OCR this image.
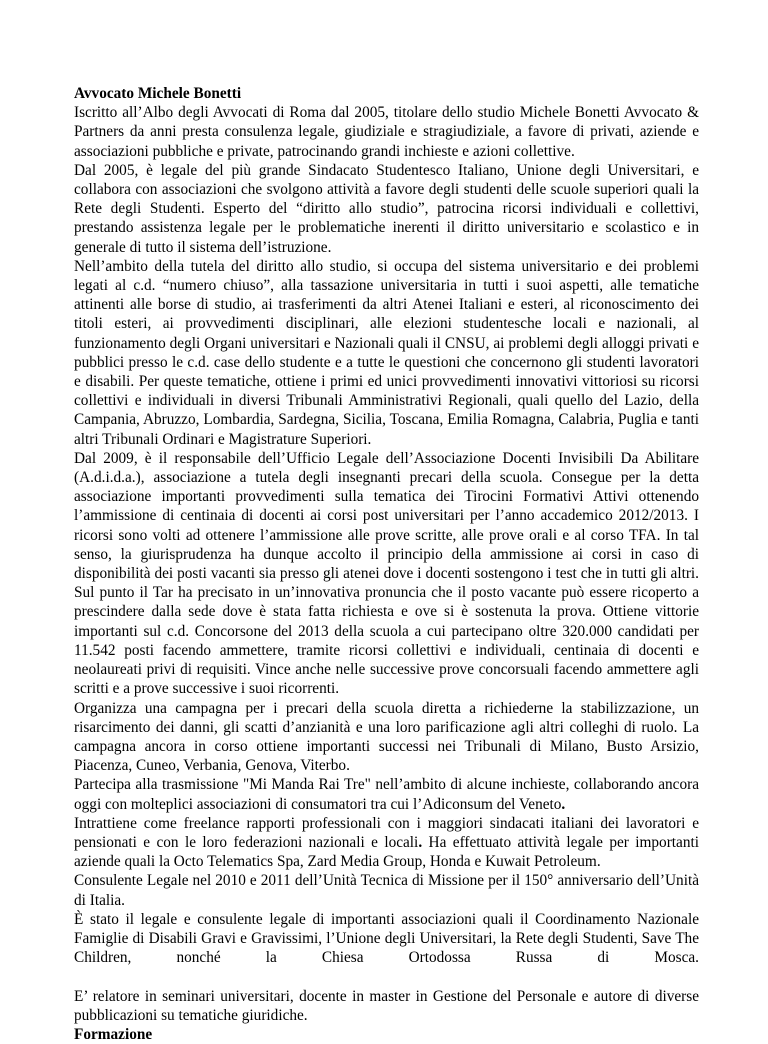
Avvocato Michele Bonetti

Iscritto all’Albo degli Avvocati di Roma dal 2005, titolare dello studio Michele Bonetti Avvocato & Partners da anni presta consulenza legale, giudiziale e stragiudiziale, a favore di privati, aziende e associazioni pubbliche e private, patrocinando grandi inchieste e azioni collettive.

Dal 2005, è legale del più grande Sindacato Studentesco Italiano, Unione degli Universitari, e collabora con associazioni che svolgono attività a favore degli studenti delle scuole superiori quali la Rete degli Studenti. Esperto del “diritto allo studio”, patrocina ricorsi individuali e collettivi, prestando assistenza legale per le problematiche inerenti il diritto universitario e scolastico e in generale di tutto il sistema dell’istruzione.

Nell’ambito della tutela del diritto allo studio, si occupa del sistema universitario e dei problemi legati al c.d. “numero chiuso”, alla tassazione universitaria in tutti i suoi aspetti, alle tematiche attinenti alle borse di studio, ai trasferimenti da altri Atenei Italiani e esteri, al riconoscimento dei titoli esteri, ai provvedimenti disciplinari, alle elezioni studentesche locali e nazionali, al funzionamento degli Organi universitari e Nazionali quali il CNSU, ai problemi degli alloggi privati e pubblici presso le c.d. case dello studente e a tutte le questioni che concernono gli studenti lavoratori e disabili. Per queste tematiche, ottiene i primi ed unici provvedimenti innovativi vittoriosi su ricorsi collettivi e individuali in diversi Tribunali Amministrativi Regionali, quali quello del Lazio, della Campania, Abruzzo, Lombardia, Sardegna, Sicilia, Toscana, Emilia Romagna, Calabria, Puglia e tanti altri Tribunali Ordinari e Magistrature Superiori.

Dal 2009, è il responsabile dell’Ufficio Legale dell’Associazione Docenti Invisibili Da Abilitare (A.d.i.d.a.), associazione a tutela degli insegnanti precari della scuola. Consegue per la detta associazione importanti provvedimenti sulla tematica dei Tirocini Formativi Attivi ottenendo l’ammissione di centinaia di docenti ai corsi post universitari per l’anno accademico 2012/2013. I ricorsi sono volti ad ottenere l’ammissione alle prove scritte, alle prove orali e al corso TFA. In tal senso, la giurisprudenza ha dunque accolto il principio della ammissione ai corsi in caso di disponibilità dei posti vacanti sia presso gli atenei dove i docenti sostengono i test che in tutti gli altri. Sul punto il Tar ha precisato in un’innovativa pronuncia che il posto vacante può essere ricoperto a prescindere dalla sede dove è stata fatta richiesta e ove si è sostenuta la prova. Ottiene vittorie importanti sul c.d. Concorsone del 2013 della scuola a cui partecipano oltre 320.000 candidati per 11.542 posti facendo ammettere, tramite ricorsi collettivi e individuali, centinaia di docenti e neolaureati privi di requisiti. Vince anche nelle successive prove concorsuali facendo ammettere agli scritti e a prove successive i suoi ricorrenti.

Organizza una campagna per i precari della scuola diretta a richiederne la stabilizzazione, un risarcimento dei danni, gli scatti d’anzianità e una loro parificazione agli altri colleghi di ruolo. La campagna ancora in corso ottiene importanti successi nei Tribunali di Milano, Busto Arsizio, Piacenza, Cuneo, Verbania, Genova, Viterbo.

Partecipa alla trasmissione "Mi Manda Rai Tre" nell’ambito di alcune inchieste, collaborando ancora oggi con molteplici associazioni di consumatori tra cui l’Adiconsum del Veneto.

Intrattiene come freelance rapporti professionali con i maggiori sindacati italiani dei lavoratori e pensionati e con le loro federazioni nazionali e locali. Ha effettuato attività legale per importanti aziende quali la Octo Telematics Spa, Zard Media Group, Honda e Kuwait Petroleum.

Consulente Legale nel 2010 e 2011 dell’Unità Tecnica di Missione per il 150° anniversario dell’Unità di Italia.

È stato il legale e consulente legale di importanti associazioni quali il Coordinamento Nazionale Famiglie di Disabili Gravi e Gravissimi, l’Unione degli Universitari, la Rete degli Studenti, Save The Children, nonché la Chiesa Ortodossa Russa di Mosca.

E’ relatore in seminari universitari, docente in master in Gestione del Personale e autore di diverse pubblicazioni su tematiche giuridiche.

Formazione
